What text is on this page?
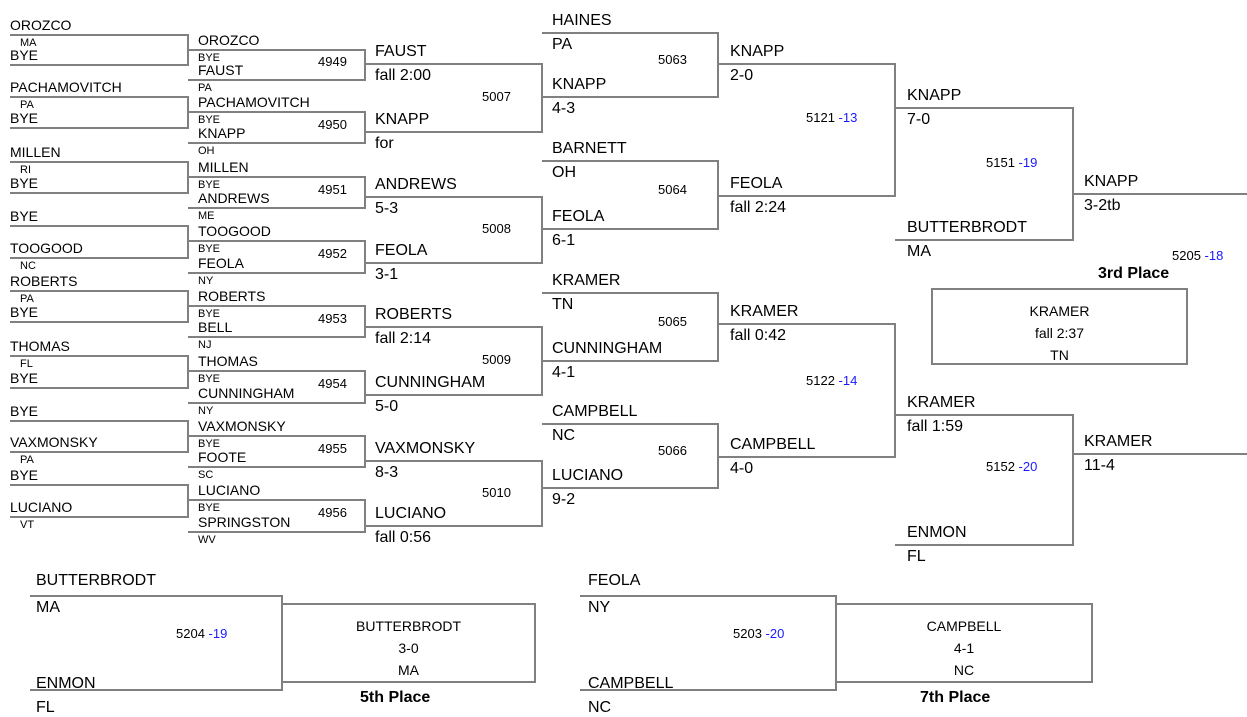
OROZCO
MA
BYE
PACHAMOVITCH
PA
BYE
MILLEN
RI
BYE
BYE
TOOGOOD
NC
ROBERTS
PA
BYE
THOMAS
FL
BYE
BYE
VAXMONSKY
PA
BYE
LUCIANO
VT
OROZCO
BYE
FAUST
PA
4949
PACHAMOVITCH
BYE
KNAPP
OH
4950
MILLEN
BYE
ANDREWS
ME
4951
TOOGOOD
BYE
FEOLA
NY
4952
ROBERTS
BYE
BELL
NJ
4953
THOMAS
BYE
CUNNINGHAM
NY
4954
VAXMONSKY
BYE
FOOTE
SC
4955
LUCIANO
BYE
SPRINGSTON
WV
4956
FAUST
fall 2:00
KNAPP
for
ANDREWS
5-3
FEOLA
3-1
ROBERTS
fall 2:14
CUNNINGHAM
5-0
VAXMONSKY
8-3
LUCIANO
fall 0:56
5007
5008
5009
5010
HAINES
PA
KNAPP
4-3
BARNETT
OH
FEOLA
6-1
KRAMER
TN
CUNNINGHAM
4-1
CAMPBELL
NC
LUCIANO
9-2
5063
5064
5065
5066
KNAPP
2-0
FEOLA
fall 2:24
KRAMER
fall 0:42
CAMPBELL
4-0
5121 -13
5122 -14
KNAPP
7-0
BUTTERBRODT
MA
KRAMER
fall 1:59
ENMON
FL
5151 -19
5152 -20
KNAPP
3-2tb
KRAMER
11-4
5205 -18
3rd Place
KRAMER
fall 2:37
TN
BUTTERBRODT
MA
ENMON
FL
5204 -19	BUTTERBRODT
3-0
MA
5th Place
FEOLA
NY
CAMPBELL
NC
5203 -20	CAMPBELL
4-1
NC
7th Place
